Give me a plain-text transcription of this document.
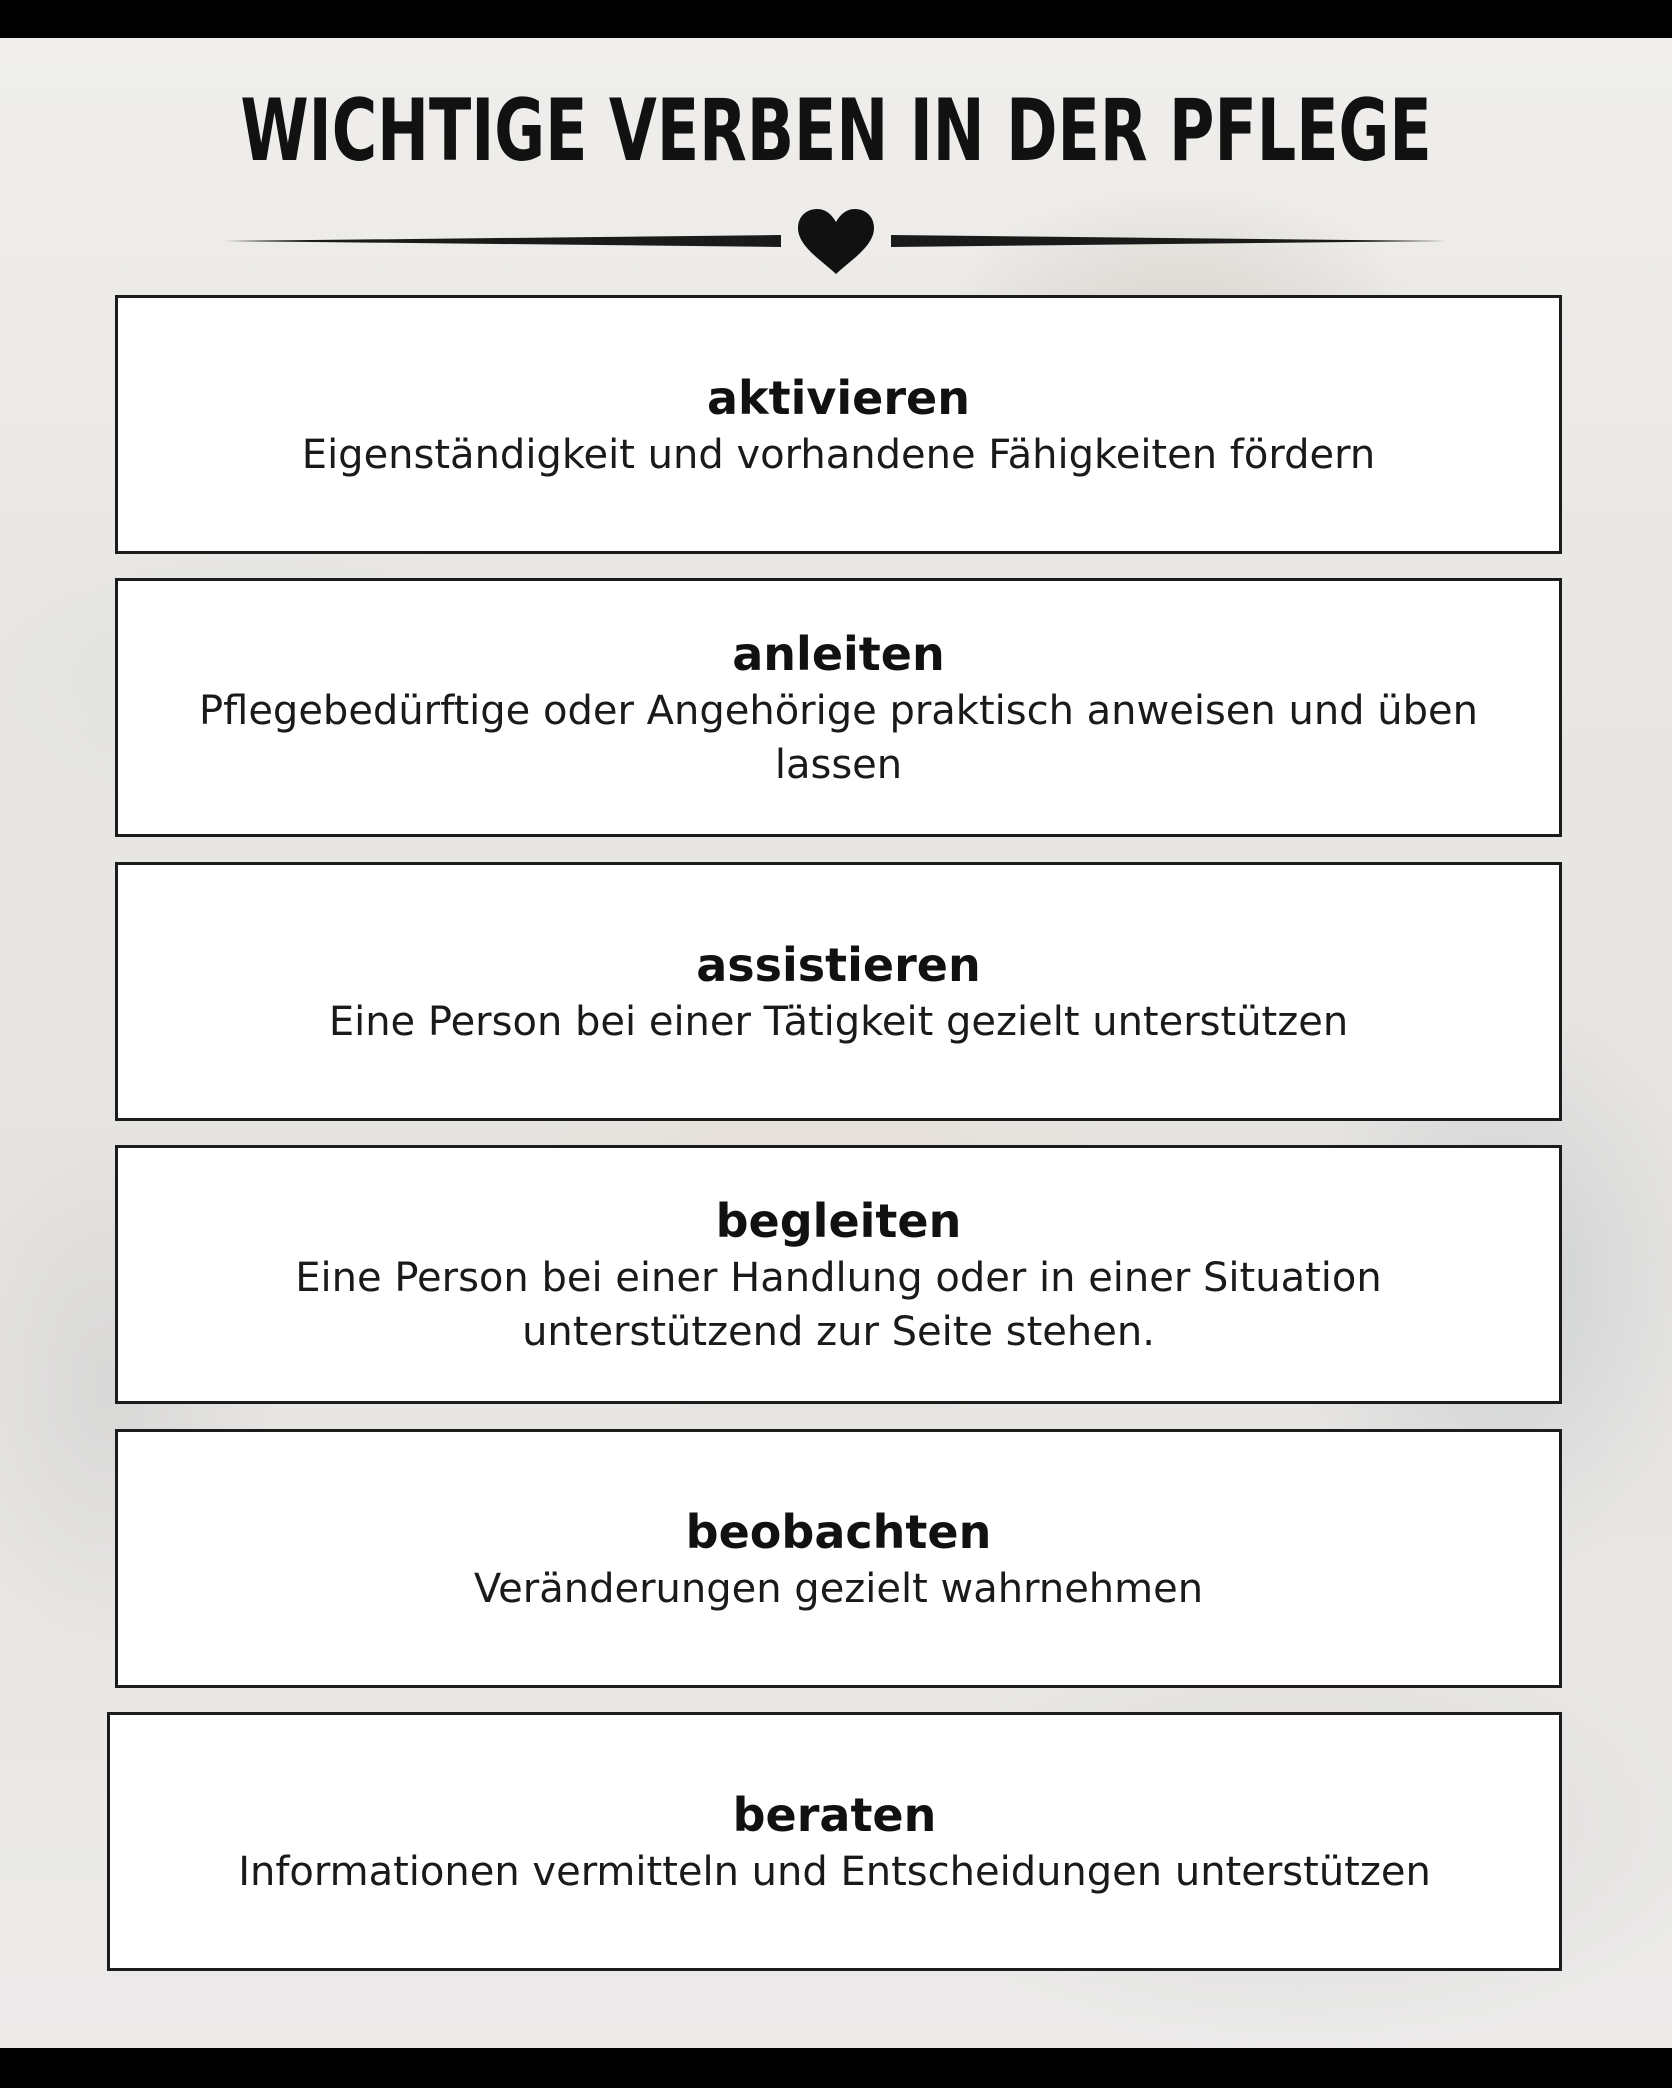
WICHTIGE VERBEN IN DER PFLEGE
aktivieren
Eigenständigkeit und vorhandene Fähigkeiten fördern
anleiten
Pflegebedürftige oder Angehörige praktisch anweisen und üben lassen
assistieren
Eine Person bei einer Tätigkeit gezielt unterstützen
begleiten
Eine Person bei einer Handlung oder in einer Situation unterstützend zur Seite stehen.
beobachten
Veränderungen gezielt wahrnehmen
beraten
Informationen vermitteln und Entscheidungen unterstützen
